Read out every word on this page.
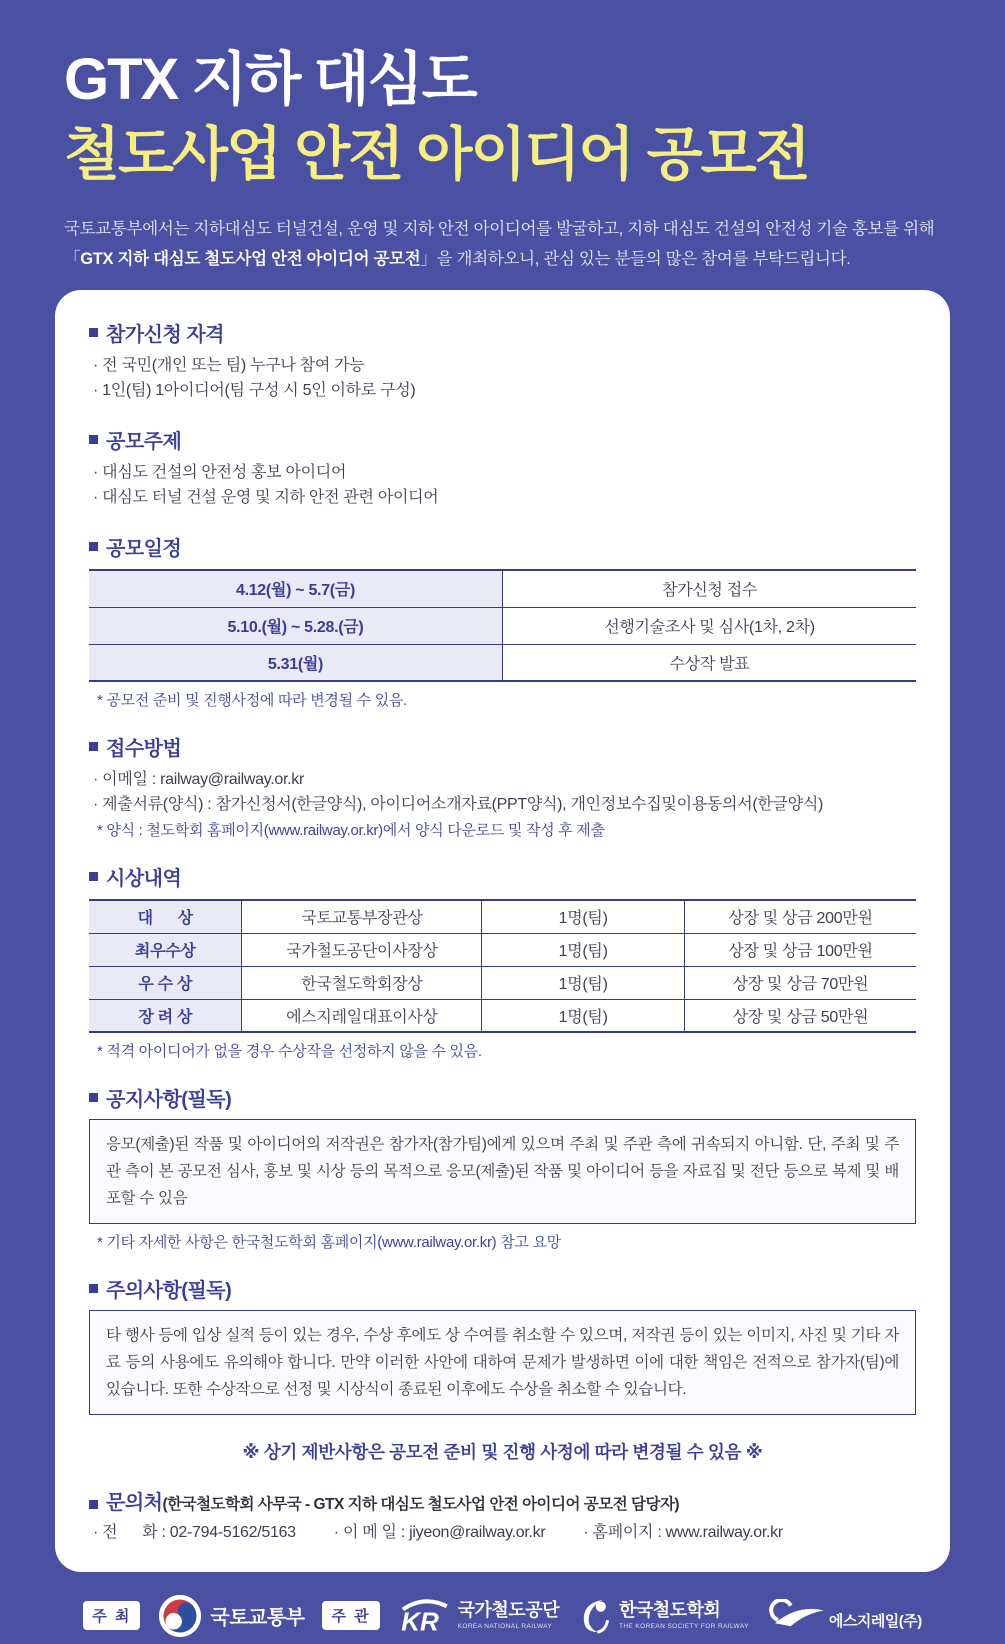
GTX 지하 대심도
철도사업 안전 아이디어 공모전
국토교통부에서는 지하대심도 터널건설, 운영 및 지하 안전 아이디어를 발굴하고, 지하 대심도 건설의 안전성 기술 홍보를 위해
「GTX 지하 대심도 철도사업 안전 아이디어 공모전」을 개최하오니, 관심 있는 분들의 많은 참여를 부탁드립니다.
참가신청 자격
· 전 국민(개인 또는 팀) 누구나 참여 가능
· 1인(팀) 1아이디어(팀 구성 시 5인 이하로 구성)
공모주제
· 대심도 건설의 안전성 홍보 아이디어
· 대심도 터널 건설 운영 및 지하 안전 관련 아이디어
공모일정
4.12(월) ~ 5.7(금)	참가신청 접수
5.10.(월) ~ 5.28.(금)	선행기술조사 및 심사(1차, 2차)
5.31(월)	수상작 발표
* 공모전 준비 및 진행사정에 따라 변경될 수 있음.
접수방법
· 이메일 : railway@railway.or.kr
· 제출서류(양식) : 참가신청서(한글양식), 아이디어소개자료(PPT양식), 개인정보수집및이용동의서(한글양식)
* 양식 : 철도학회 홈페이지(www.railway.or.kr)에서 양식 다운로드 및 작성 후 제출
시상내역
대      상	국토교통부장관상	1명(팀)	상장 및 상금 200만원
최우수상	국가철도공단이사장상	1명(팀)	상장 및 상금 100만원
우 수 상	한국철도학회장상	1명(팀)	상장 및 상금 70만원
장 려 상	에스지레일대표이사상	1명(팀)	상장 및 상금 50만원
* 적격 아이디어가 없을 경우 수상작을 선정하지 않을 수 있음.
공지사항(필독)
응모(제출)된 작품 및 아이디어의 저작권은 참가자(참가팀)에게 있으며 주최 및 주관 측에 귀속되지 아니함. 단, 주최 및 주관 측이 본 공모전 심사, 홍보 및 시상 등의 목적으로 응모(제출)된 작품 및 아이디어 등을 자료집 및 전단 등으로 복제 및 배포할 수 있음
* 기타 자세한 사항은 한국철도학회 홈페이지(www.railway.or.kr) 참고 요망
주의사항(필독)
타 행사 등에 입상 실적 등이 있는 경우, 수상 후에도 상 수여를 취소할 수 있으며, 저작권 등이 있는 이미지, 사진 및 기타 자료 등의 사용에도 유의해야 합니다. 만약 이러한 사안에 대하여 문제가 발생하면 이에 대한 책임은 전적으로 참가자(팀)에 있습니다. 또한 수상작으로 선정 및 시상식이 종료된 이후에도 수상을 취소할 수 있습니다.
※ 상기 제반사항은 공모전 준비 및 진행 사정에 따라 변경될 수 있음 ※
문의처 (한국철도학회 사무국 - GTX 지하 대심도 철도사업 안전 아이디어 공모전 담당자)
· 전      화 : 02-794-5162/5163 · 이 메 일 : jiyeon@railway.or.kr · 홈페이지 : www.railway.or.kr
주 최	국토교통부	주 관 KR 국가철도공단
KOREA NATIONAL RAILWAY
한국철도학회
THE KOREAN SOCIETY FOR RAILWAY	에스지레일(주)
